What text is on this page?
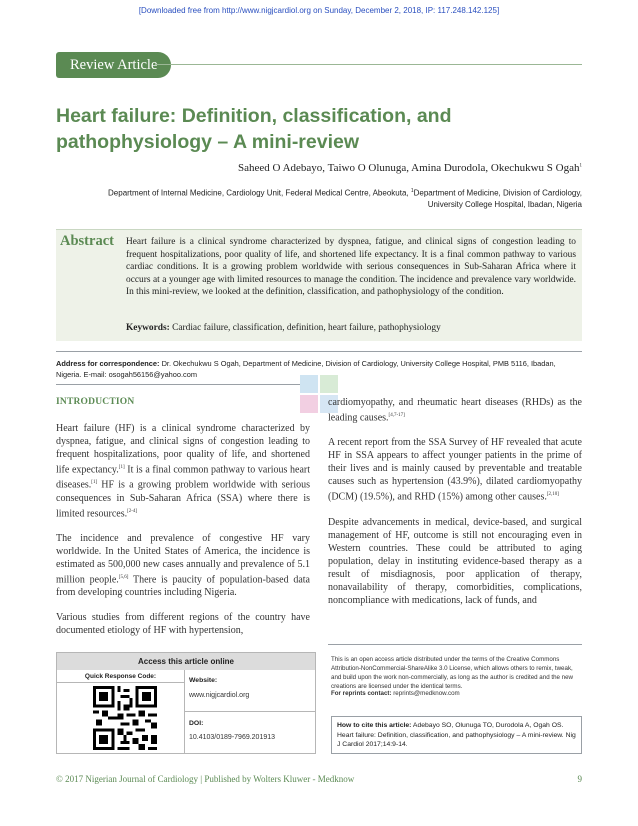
[Downloaded free from http://www.nigjcardiol.org on Sunday, December 2, 2018, IP: 117.248.142.125]
Review Article
Heart failure: Definition, classification, and
pathophysiology – A mini-review
Saheed O Adebayo, Taiwo O Olunuga, Amina Durodola, Okechukwu S Ogah$^1$
Department of Internal Medicine, Cardiology Unit, Federal Medical Centre, Abeokuta, $^1$Department of Medicine, Division of Cardiology,
University College Hospital, Ibadan, Nigeria
Abstract Heart failure is a clinical syndrome characterized by dyspnea, fatigue, and clinical signs of congestion leading to frequent hospitalizations, poor quality of life, and shortened life expectancy. It is a final common pathway to various cardiac conditions. It is a growing problem worldwide with serious consequences in Sub-Saharan Africa where it occurs at a younger age with limited resources to manage the condition. The incidence and prevalence vary worldwide. In this mini-review, we looked at the definition, classification, and pathophysiology of the condition.
Keywords: Cardiac failure, classification, definition, heart failure, pathophysiology
Address for correspondence: Dr. Okechukwu S Ogah, Department of Medicine, Division of Cardiology, University College Hospital, PMB 5116, Ibadan, Nigeria. E-mail: osogah56156@yahoo.com

INTRODUCTION

Heart failure (HF) is a clinical syndrome characterized by dyspnea, fatigue, and clinical signs of congestion leading to frequent hospitalizations, poor quality of life, and shortened life expectancy.[1] It is a final common pathway to various heart diseases.[1] HF is a growing problem worldwide with serious consequences in Sub-Saharan Africa (SSA) where there is limited resources.[2-4]

The incidence and prevalence of congestive HF vary worldwide. In the United States of America, the incidence is estimated as 500,000 new cases annually and prevalence of 5.1 million people.[5,6] There is paucity of population-based data from developing countries including Nigeria.

Various studies from different regions of the country have documented etiology of HF with hypertension,

cardiomyopathy, and rheumatic heart diseases (RHDs) as the leading causes.[4,7-17]

A recent report from the SSA Survey of HF revealed that acute HF in SSA appears to affect younger patients in the prime of their lives and is mainly caused by preventable and treatable causes such as hypertension (43.9%), dilated cardiomyopathy (DCM) (19.5%), and RHD (15%) among other causes.[2,10]

Despite advancements in medical, device-based, and surgical management of HF, outcome is still not encouraging even in Western countries. These could be attributed to aging population, delay in instituting evidence-based therapy as a result of misdiagnosis, poor application of therapy, nonavailability of therapy, comorbidities, complications, noncompliance with medications, lack of funds, and

Access this article online
Quick Response Code:
Website:
www.nigjcardiol.org
DOI:
10.4103/0189-7969.201913
This is an open access article distributed under the terms of the Creative Commons Attribution-NonCommercial-ShareAlike 3.0 License, which allows others to remix, tweak, and build upon the work non-commercially, as long as the author is credited and the new creations are licensed under the identical terms.
For reprints contact: reprints@medknow.com
How to cite this article: Adebayo SO, Olunuga TO, Durodola A, Ogah OS. Heart failure: Definition, classification, and pathophysiology – A mini-review. Nig J Cardiol 2017;14:9-14.
© 2017 Nigerian Journal of Cardiology | Published by Wolters Kluwer - Medknow	9
